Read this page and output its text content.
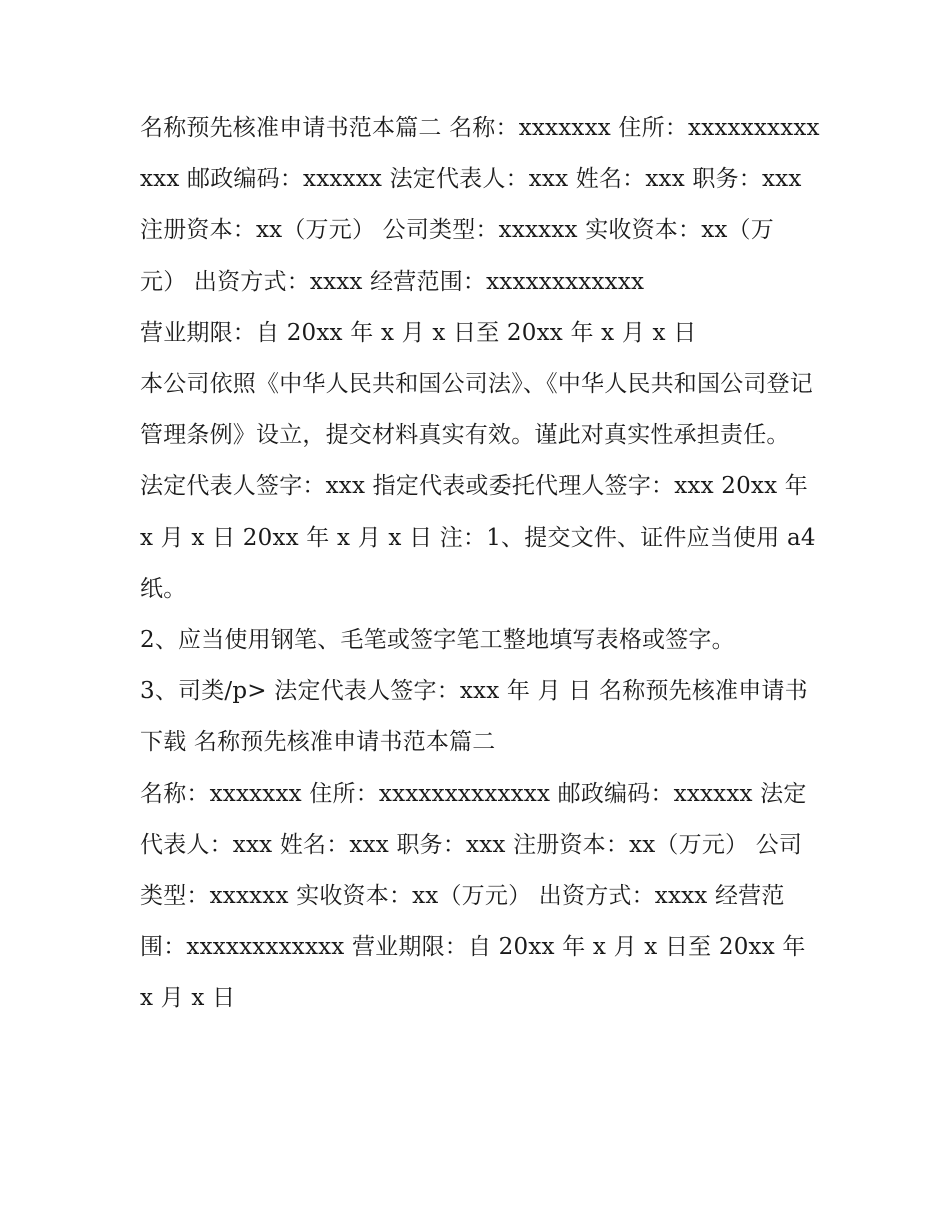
名称预先核准申请书范本篇二 名称：xxxxxxx 住所：xxxxxxxxxxxxx 邮政编码：xxxxxx 法定代表人：xxx 姓名：xxx 职务：xxx

注册资本：xx（万元） 公司类型：xxxxxx 实收资本：xx（万元） 出资方式：xxxx 经营范围：xxxxxxxxxxxx

营业期限：自 20xx 年 x 月 x 日至 20xx 年 x 月 x 日

本公司依照《中华人民共和国公司法》、《中华人民共和国公司登记管理条例》设立，提交材料真实有效。谨此对真实性承担责任。

法定代表人签字：xxx 指定代表或委托代理人签字：xxx 20xx 年 x 月 x 日 20xx 年 x 月 x 日 注：1、提交文件、证件应当使用 a4 纸。

2、应当使用钢笔、毛笔或签字笔工整地填写表格或签字。

3、司类/p> 法定代表人签字：xxx 年 月 日 名称预先核准申请书下载 名称预先核准申请书范本篇二

名称：xxxxxxx 住所：xxxxxxxxxxxxx 邮政编码：xxxxxx 法定代表人：xxx 姓名：xxx 职务：xxx 注册资本：xx（万元） 公司类型：xxxxxx 实收资本：xx（万元） 出资方式：xxxx 经营范围：xxxxxxxxxxxx 营业期限：自 20xx 年 x 月 x 日至 20xx 年 x 月 x 日
